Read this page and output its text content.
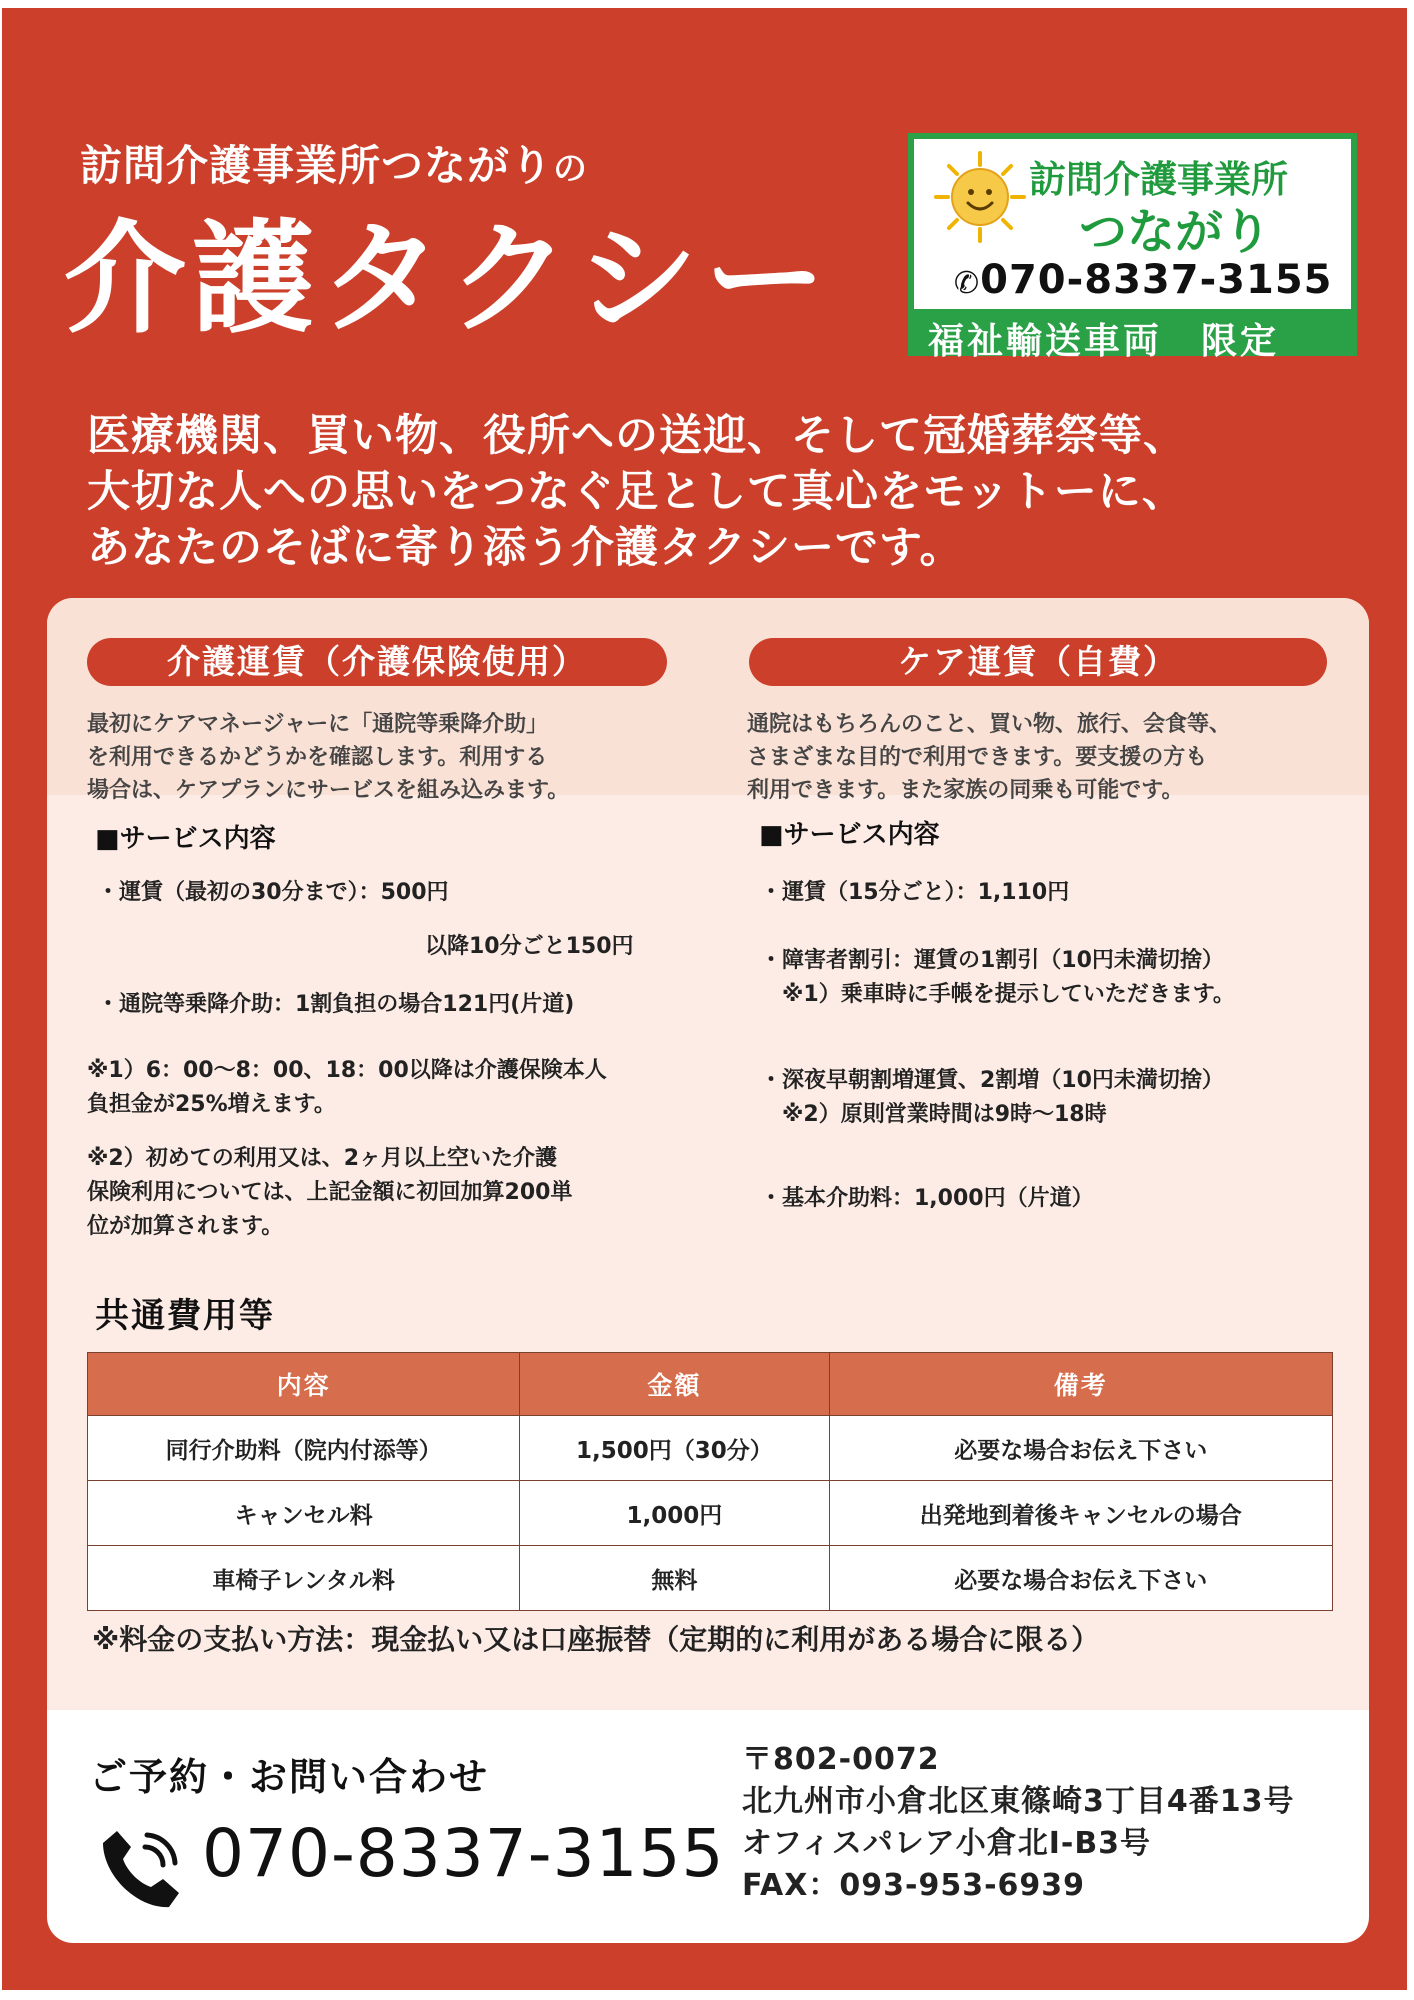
訪問介護事業所つながりの
介護タクシー
訪問介護事業所
つながり
✆070-8337-3155
福祉輸送車両　限定
医療機関、買い物、役所への送迎、そして冠婚葬祭等、
大切な人への思いをつなぐ足として真心をモットーに、
あなたのそばに寄り添う介護タクシーです。
介護運賃（介護保険使用）	ケア運賃（自費）
最初にケアマネージャーに「通院等乗降介助」
を利用できるかどうかを確認します。利用する
場合は、ケアプランにサービスを組み込みます。
通院はもちろんのこと、買い物、旅行、会食等、
さまざまな目的で利用できます。要支援の方も
利用できます。また家族の同乗も可能です。
■サービス内容
・運賃（最初の30分まで）：500円
以降10分ごと150円
・通院等乗降介助：1割負担の場合121円(片道)
※1）6：00～8：00、18：00以降は介護保険本人
負担金が25%増えます。
※2）初めての利用又は、2ヶ月以上空いた介護
保険利用については、上記金額に初回加算200単
位が加算されます。
■サービス内容
・運賃（15分ごと）：1,110円
・障害者割引：運賃の1割引（10円未満切捨）
※1）乗車時に手帳を提示していただきます。
・深夜早朝割増運賃、2割増（10円未満切捨）
※2）原則営業時間は9時～18時
・基本介助料：1,000円（片道）
共通費用等
内容	金額	備考
同行介助料（院内付添等）	1,500円（30分）	必要な場合お伝え下さい
キャンセル料	1,000円	出発地到着後キャンセルの場合
車椅子レンタル料	無料	必要な場合お伝え下さい
※料金の支払い方法：現金払い又は口座振替（定期的に利用がある場合に限る）
ご予約・お問い合わせ
070-8337-3155
〒802-0072
北九州市小倉北区東篠崎3丁目4番13号
オフィスパレア小倉北Ⅰ-B3号
FAX：093-953-6939
